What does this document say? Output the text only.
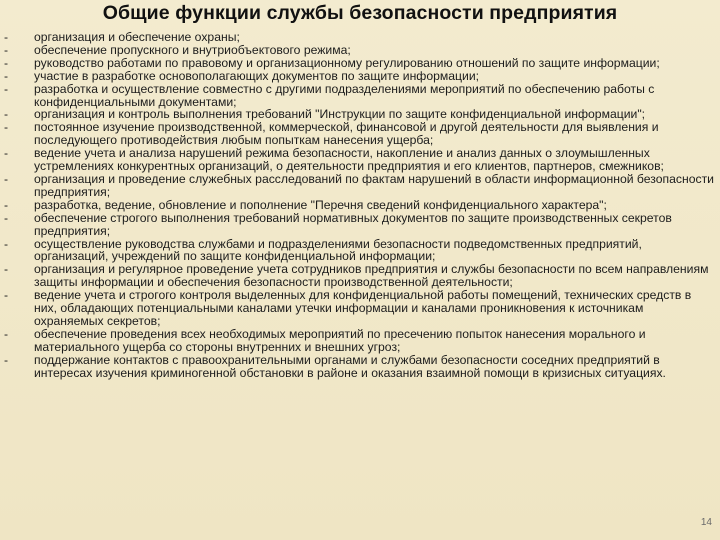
Общие функции службы безопасности предприятия
-	организация и обеспечение охраны;
-	обеспечение пропускного и внутриобъектового режима;
-	руководство работами по правовому и организационному регулированию отношений по защите информации;
-	участие в разработке основополагающих документов по защите информации;
-	разработка и осуществление совместно с другими подразделениями мероприятий по обеспечению работы с конфиденциальными документами;
-	организация и контроль выполнения требований "Инструкции по защите конфиденциальной информации";
-	постоянное изучение производственной, коммерческой, финансовой и другой деятельности для выявления и последующего противодействия любым попыткам нанесения ущерба;
-	ведение учета и анализа нарушений режима безопасности, накопление и анализ данных о злоумышленных устремлениях конкурентных организаций, о деятельности предприятия и его клиентов, партнеров, смежников;
-	организация и проведение служебных расследований по фактам нарушений в области информационной безопасности предприятия;
-	разработка, ведение, обновление и пополнение "Перечня сведений конфиденциального характера";
-	обеспечение строгого выполнения требований нормативных документов по защите производственных секретов предприятия;
-	осуществление руководства службами и подразделениями безопасности подведомственных предприятий, организаций, учреждений по защите конфиденциальной информации;
-	организация и регулярное проведение учета сотрудников предприятия и службы безопасности по всем направлениям защиты информации и обеспечения безопасности производственной деятельности;
-	ведение учета и строгого контроля выделенных для конфиденциальной работы помещений, технических средств в них, обладающих потенциальными каналами утечки информации и каналами проникновения к источникам охраняемых секретов;
-	обеспечение проведения всех необходимых мероприятий по пресечению попыток нанесения морального и материального ущерба со стороны внутренних и внешних угроз;
-	поддержание контактов с правоохранительными органами и службами безопасности соседних предприятий в интересах изучения криминогенной обстановки в районе и оказания взаимной помощи в кризисных ситуациях.
14
